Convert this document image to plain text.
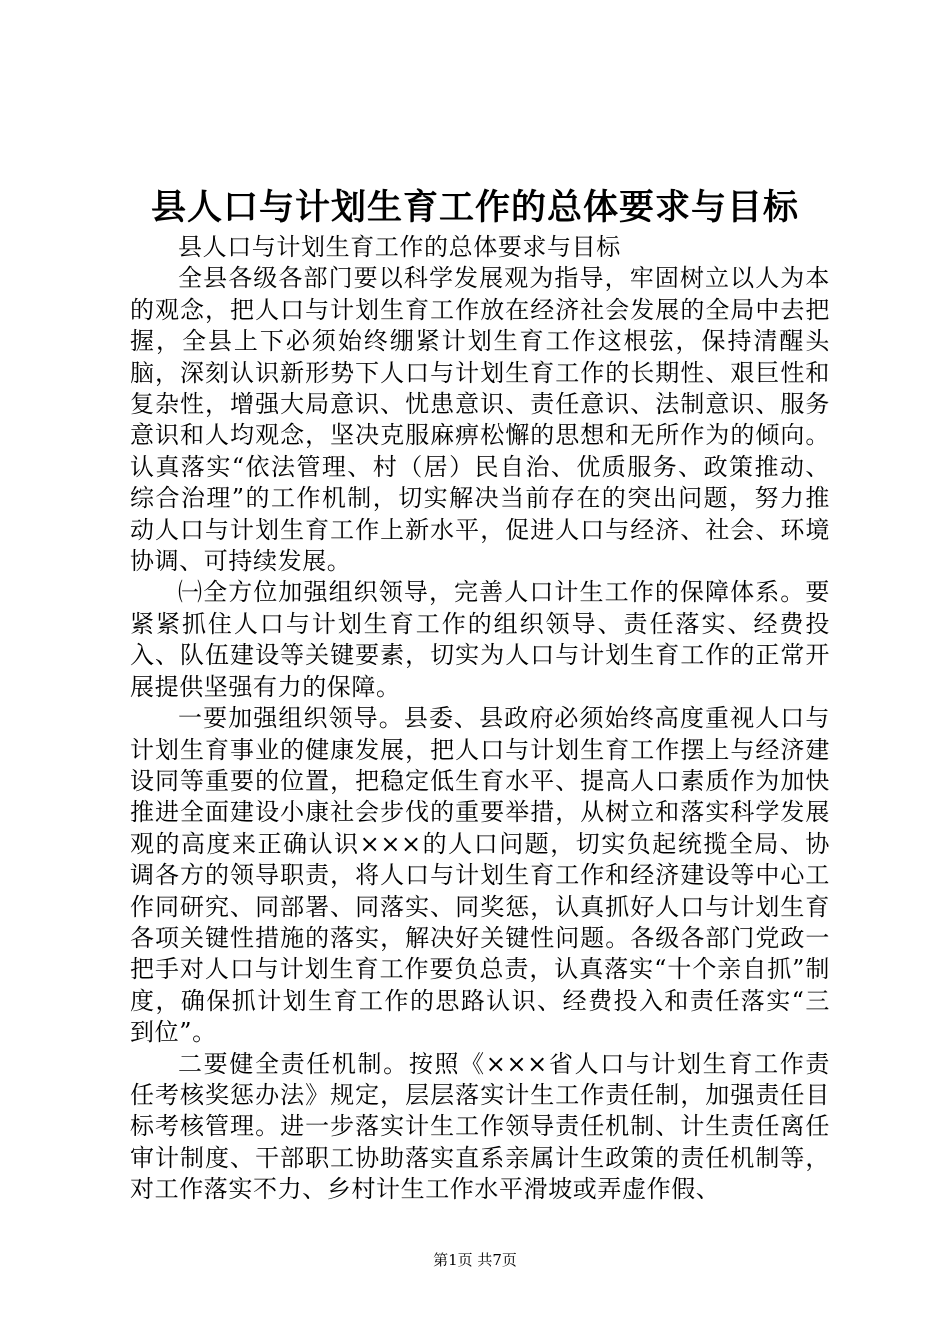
县人口与计划生育工作的总体要求与目标

县人口与计划生育工作的总体要求与目标

全县各级各部门要以科学发展观为指导，牢固树立以人为本的观念，把人口与计划生育工作放在经济社会发展的全局中去把握，全县上下必须始终绷紧计划生育工作这根弦，保持清醒头脑，深刻认识新形势下人口与计划生育工作的长期性、艰巨性和复杂性，增强大局意识、忧患意识、责任意识、法制意识、服务意识和人均观念，坚决克服麻痹松懈的思想和无所作为的倾向。认真落实“依法管理、村（居）民自治、优质服务、政策推动、综合治理”的工作机制，切实解决当前存在的突出问题，努力推动人口与计划生育工作上新水平，促进人口与经济、社会、环境协调、可持续发展。

㈠全方位加强组织领导，完善人口计生工作的保障体系。要紧紧抓住人口与计划生育工作的组织领导、责任落实、经费投入、队伍建设等关键要素，切实为人口与计划生育工作的正常开展提供坚强有力的保障。

一要加强组织领导。县委、县政府必须始终高度重视人口与计划生育事业的健康发展，把人口与计划生育工作摆上与经济建设同等重要的位置，把稳定低生育水平、提高人口素质作为加快推进全面建设小康社会步伐的重要举措，从树立和落实科学发展观的高度来正确认识×××的人口问题，切实负起统揽全局、协调各方的领导职责，将人口与计划生育工作和经济建设等中心工作同研究、同部署、同落实、同奖惩，认真抓好人口与计划生育各项关键性措施的落实，解决好关键性问题。各级各部门党政一把手对人口与计划生育工作要负总责，认真落实“十个亲自抓”制度，确保抓计划生育工作的思路认识、经费投入和责任落实“三到位”。

二要健全责任机制。按照《×××省人口与计划生育工作责任考核奖惩办法》规定，层层落实计生工作责任制，加强责任目标考核管理。进一步落实计生工作领导责任机制、计生责任离任审计制度、干部职工协助落实直系亲属计生政策的责任机制等，对工作落实不力、乡村计生工作水平滑坡或弄虚作假、

第1页 共7页
